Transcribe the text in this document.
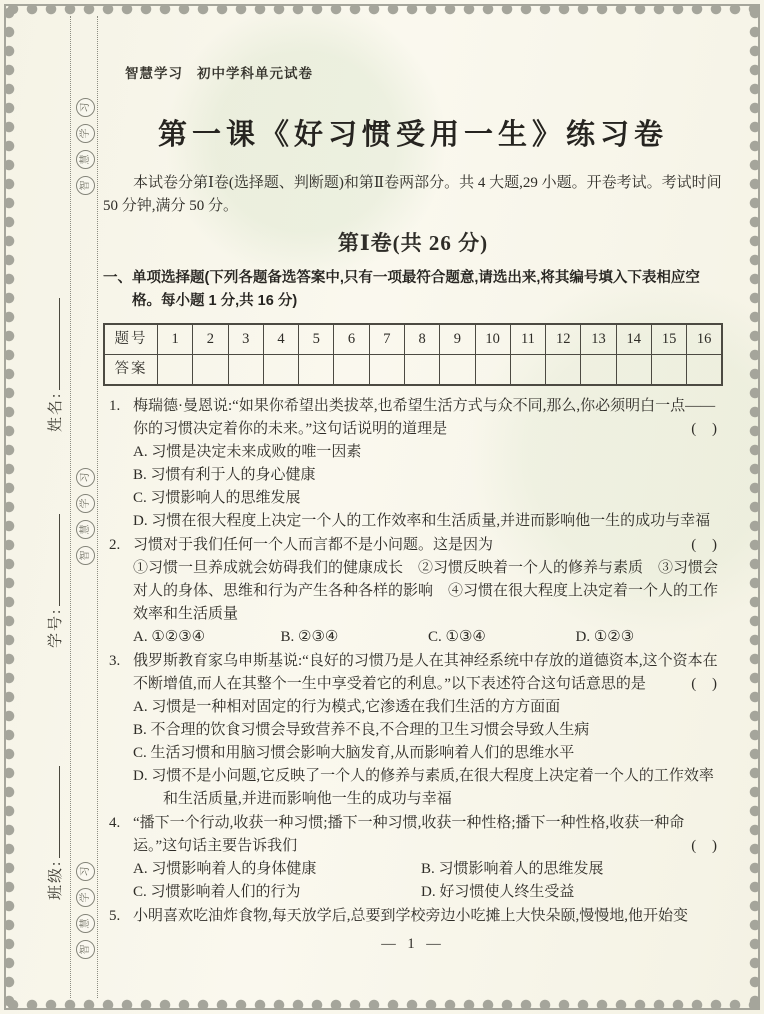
习
学
慧
智
习
学
慧
智
习
学
慧
智
姓名:
学号:
班级:
智慧学习 初中学科单元试卷
第一课《好习惯受用一生》练习卷

本试卷分第Ⅰ卷(选择题、判断题)和第Ⅱ卷两部分。共 4 大题,29 小题。开卷考试。考试时间 50 分钟,满分 50 分。

第Ⅰ卷(共 26 分)
一、单项选择题(下列各题备选答案中,只有一项最符合题意,请选出来,将其编号填入下表相应空格。每小题 1 分,共 16 分)
题号	1	2	3	4	5	6	7	8	9	10	11	12	13	14	15	16
答案																
1. 梅瑞德·曼恩说:“如果你希望出类拔萃,也希望生活方式与众不同,那么,你必须明白一点——你的习惯决定着你的未来。”这句话说明的道理是	( )

A. 习惯是决定未来成败的唯一因素

B. 习惯有利于人的身心健康

C. 习惯影响人的思维发展

D. 习惯在很大程度上决定一个人的工作效率和生活质量,并进而影响他一生的成功与幸福

2. 习惯对于我们任何一个人而言都不是小问题。这是因为	( )

①习惯一旦养成就会妨碍我们的健康成长　②习惯反映着一个人的修养与素质　③习惯会对人的身体、思维和行为产生各种各样的影响　④习惯在很大程度上决定着一个人的工作效率和生活质量

A. ①②③④	B. ②③④	C. ①③④	D. ①②③
3. 俄罗斯教育家乌申斯基说:“良好的习惯乃是人在其神经系统中存放的道德资本,这个资本在不断增值,而人在其整个一生中享受着它的利息。”以下表述符合这句话意思的是	( )

A. 习惯是一种相对固定的行为模式,它渗透在我们生活的方方面面

B. 不合理的饮食习惯会导致营养不良,不合理的卫生习惯会导致人生病

C. 生活习惯和用脑习惯会影响大脑发育,从而影响着人们的思维水平

D. 习惯不是小问题,它反映了一个人的修养与素质,在很大程度上决定着一个人的工作效率和生活质量,并进而影响他一生的成功与幸福

4. “播下一个行动,收获一种习惯;播下一种习惯,收获一种性格;播下一种性格,收获一种命运。”这句话主要告诉我们	( )

A. 习惯影响着人的身体健康	B. 习惯影响着人的思维发展
C. 习惯影响着人们的行为	D. 好习惯使人终生受益
5. 小明喜欢吃油炸食物,每天放学后,总要到学校旁边小吃摊上大快朵颐,慢慢地,他开始变

— 1 —
